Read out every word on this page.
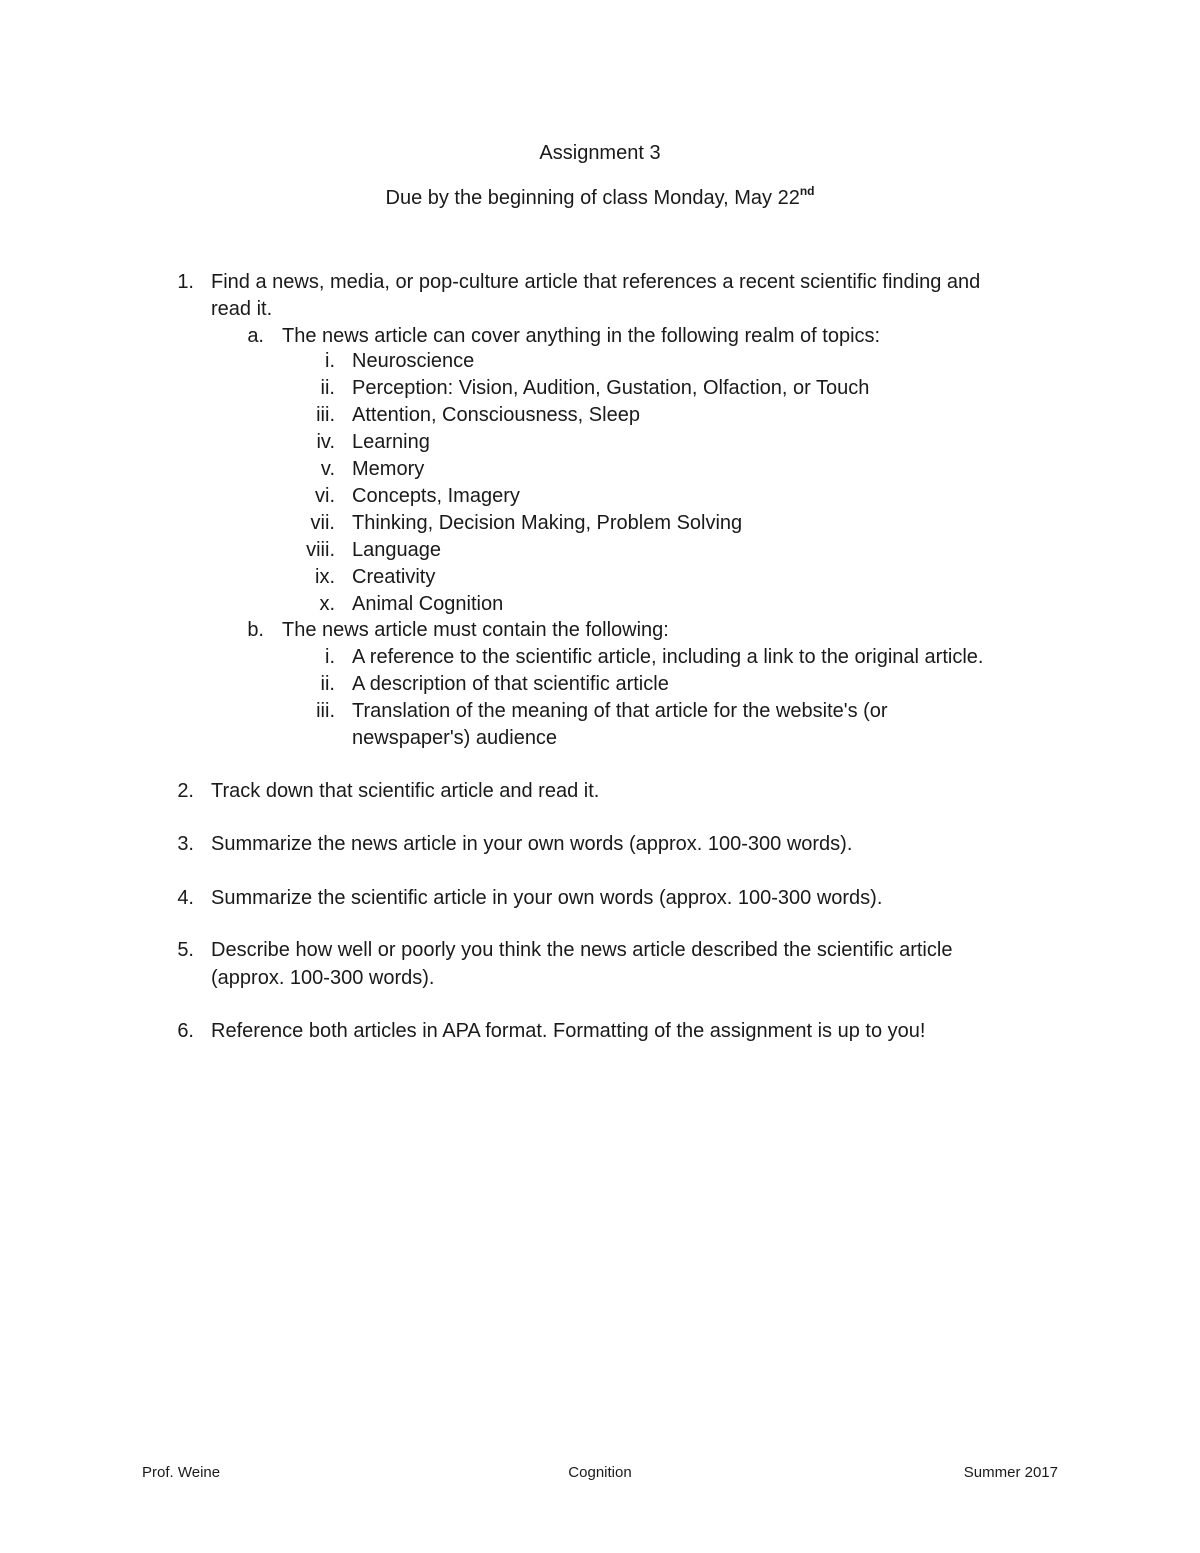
Assignment 3
Due by the beginning of class Monday, May 22nd
1. Find a news, media, or pop-culture article that references a recent scientific finding and
read it.
a. The news article can cover anything in the following realm of topics:
i. Neuroscience
ii. Perception: Vision, Audition, Gustation, Olfaction, or Touch
iii. Attention, Consciousness, Sleep
iv. Learning
v. Memory
vi. Concepts, Imagery
vii. Thinking, Decision Making, Problem Solving
viii. Language
ix. Creativity
x. Animal Cognition
b. The news article must contain the following:
i. A reference to the scientific article, including a link to the original article.
ii. A description of that scientific article
iii. Translation of the meaning of that article for the website's (or
newspaper's) audience
2. Track down that scientific article and read it.
3. Summarize the news article in your own words (approx. 100-300 words).
4. Summarize the scientific article in your own words (approx. 100-300 words).
5. Describe how well or poorly you think the news article described the scientific article
(approx. 100-300 words).
6. Reference both articles in APA format. Formatting of the assignment is up to you!
Prof. Weine	Cognition	Summer 2017
